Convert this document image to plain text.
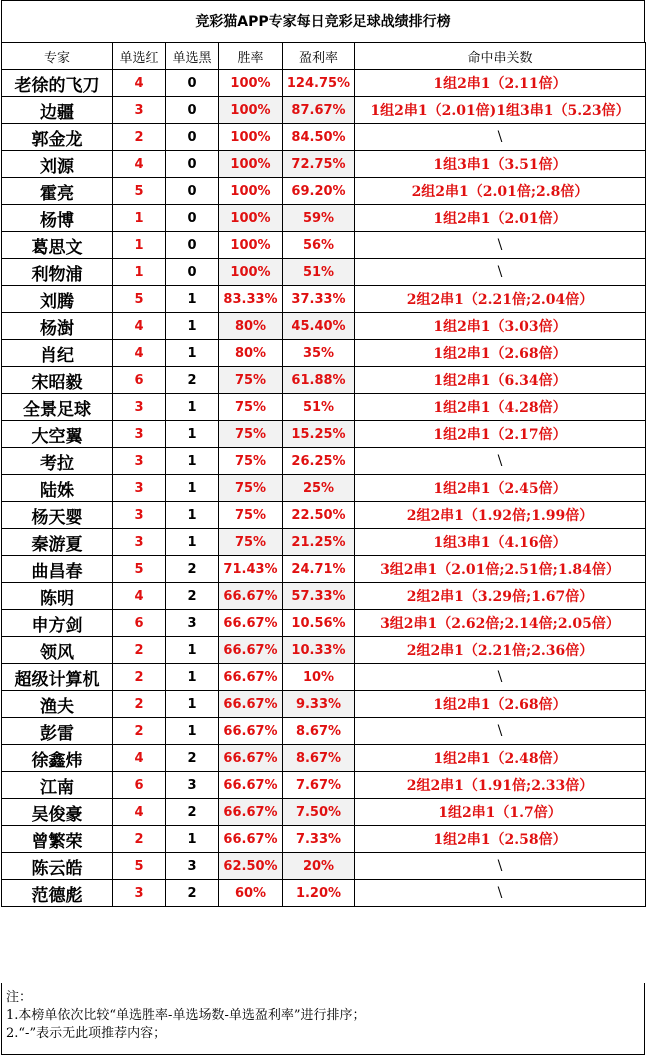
竞彩猫APP专家每日竞彩足球战绩排行榜
专家	单选红	单选黑	胜率	盈利率	命中串关数
老徐的飞刀	4	0	100%	124.75%	1组2串1（2.11倍）
边疆	3	0	100%	87.67%	1组2串1（2.01倍)1组3串1（5.23倍）
郭金龙	2	0	100%	84.50%	\
刘源	4	0	100%	72.75%	1组3串1（3.51倍）
霍亮	5	0	100%	69.20%	2组2串1（2.01倍;2.8倍）
杨博	1	0	100%	59%	1组2串1（2.01倍）
葛思文	1	0	100%	56%	\
利物浦	1	0	100%	51%	\
刘腾	5	1	83.33%	37.33%	2组2串1（2.21倍;2.04倍）
杨澍	4	1	80%	45.40%	1组2串1（3.03倍）
肖纪	4	1	80%	35%	1组2串1（2.68倍）
宋昭毅	6	2	75%	61.88%	1组2串1（6.34倍）
全景足球	3	1	75%	51%	1组2串1（4.28倍）
大空翼	3	1	75%	15.25%	1组2串1（2.17倍）
考拉	3	1	75%	26.25%	\
陆姝	3	1	75%	25%	1组2串1（2.45倍）
杨天婴	3	1	75%	22.50%	2组2串1（1.92倍;1.99倍）
秦游夏	3	1	75%	21.25%	1组3串1（4.16倍）
曲昌春	5	2	71.43%	24.71%	3组2串1（2.01倍;2.51倍;1.84倍）
陈明	4	2	66.67%	57.33%	2组2串1（3.29倍;1.67倍）
申方剑	6	3	66.67%	10.56%	3组2串1（2.62倍;2.14倍;2.05倍）
领风	2	1	66.67%	10.33%	2组2串1（2.21倍;2.36倍）
超级计算机	2	1	66.67%	10%	\
渔夫	2	1	66.67%	9.33%	1组2串1（2.68倍）
彭雷	2	1	66.67%	8.67%	\
徐鑫炜	4	2	66.67%	8.67%	1组2串1（2.48倍）
江南	6	3	66.67%	7.67%	2组2串1（1.91倍;2.33倍）
吴俊豪	4	2	66.67%	7.50%	1组2串1（1.7倍）
曾繁荣	2	1	66.67%	7.33%	1组2串1（2.58倍）
陈云皓	5	3	62.50%	20%	\
范德彪	3	2	60%	1.20%	\
注：
1.本榜单依次比较“单选胜率-单选场数-单选盈利率”进行排序；
2.“-”表示无此项推荐内容；
